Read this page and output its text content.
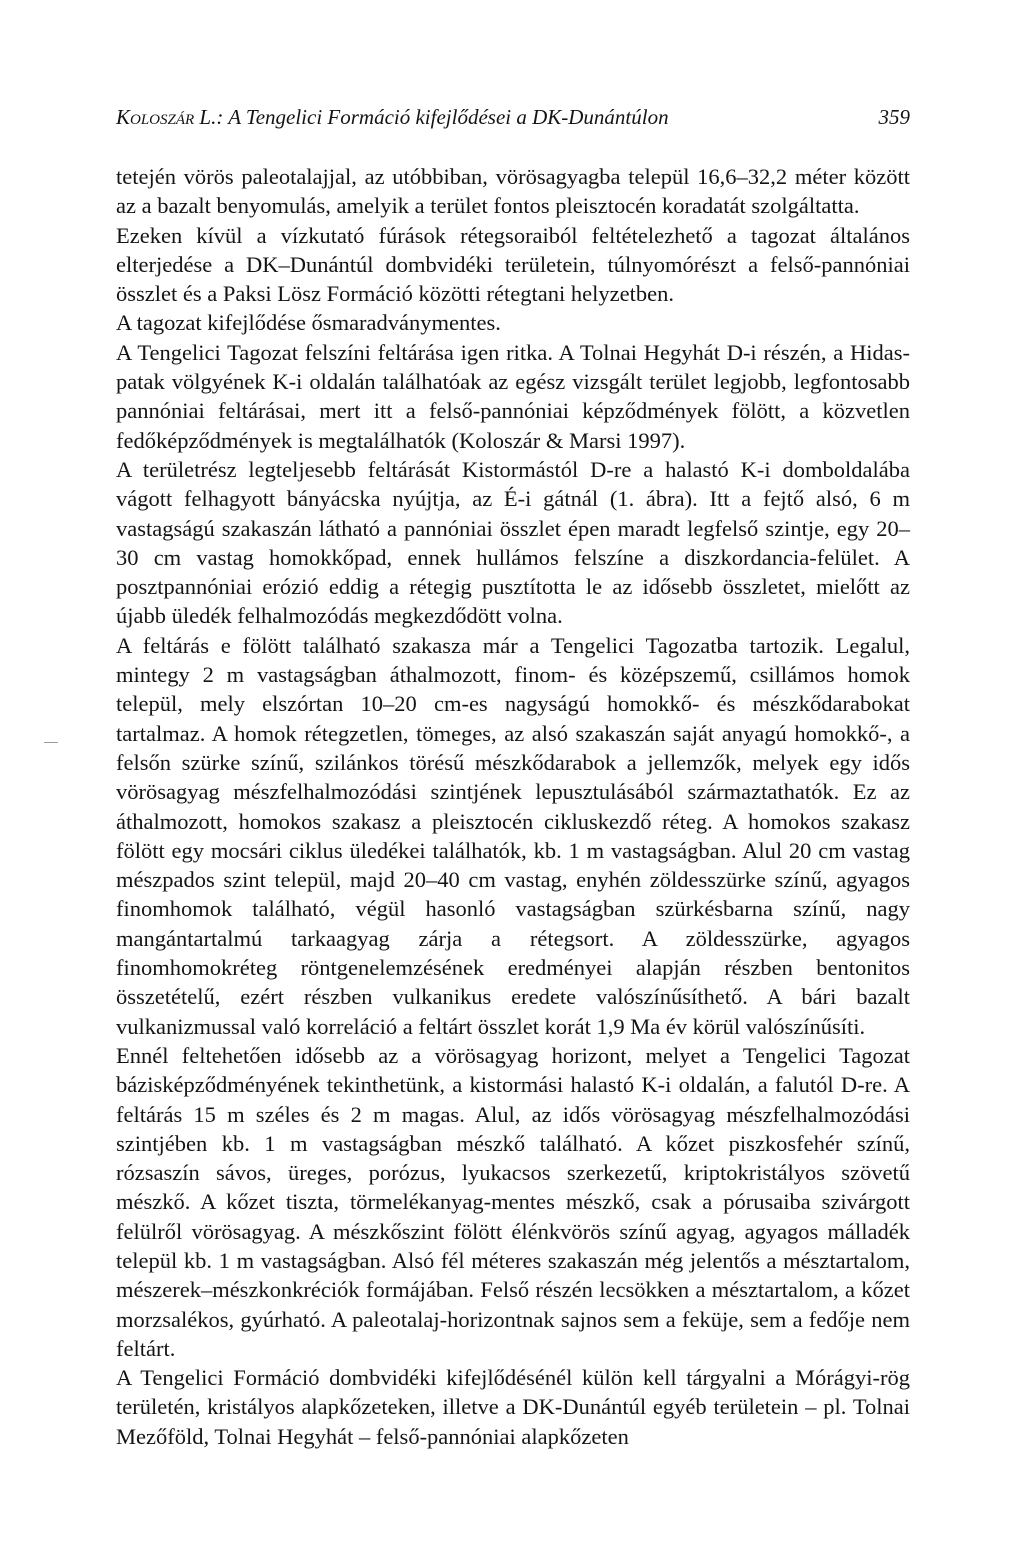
Koloszár L.: A Tengelici Formáció kifejlődései a DK-Dunántúlon	359

tetején vörös paleotalajjal, az utóbbiban, vörösagyagba települ 16,6–32,2 méter között az a bazalt benyomulás, amelyik a terület fontos pleisztocén koradatát szolgáltatta.

Ezeken kívül a vízkutató fúrások rétegsoraiból feltételezhető a tagozat általános elterjedése a DK–Dunántúl dombvidéki területein, túlnyomórészt a felső-pannóniai összlet és a Paksi Lösz Formáció közötti rétegtani helyzetben.

A tagozat kifejlődése ősmaradványmentes.

A Tengelici Tagozat felszíni feltárása igen ritka. A Tolnai Hegyhát D-i részén, a Hidas-patak völgyének K-i oldalán találhatóak az egész vizsgált terület legjobb, legfontosabb pannóniai feltárásai, mert itt a felső-pannóniai képződmények fölött, a közvetlen fedőképződmények is megtalálhatók (Koloszár & Marsi 1997).

A területrész legteljesebb feltárását Kistormástól D-re a halastó K-i domboldalába vágott felhagyott bányácska nyújtja, az É-i gátnál (1. ábra). Itt a fejtő alsó, 6 m vastagságú szakaszán látható a pannóniai összlet épen maradt legfelső szintje, egy 20–30 cm vastag homokkőpad, ennek hullámos felszíne a diszkordancia-felület. A posztpannóniai erózió eddig a rétegig pusztította le az idősebb összletet, mielőtt az újabb üledék felhalmozódás megkezdődött volna.

A feltárás e fölött található szakasza már a Tengelici Tagozatba tartozik. Legalul, mintegy 2 m vastagságban áthalmozott, finom- és középszemű, csillámos homok települ, mely elszórtan 10–20 cm-es nagyságú homokkő- és mészkődarabokat tartalmaz. A homok rétegzetlen, tömeges, az alsó szakaszán saját anyagú homokkő-, a felsőn szürke színű, szilánkos törésű mészkődarabok a jellemzők, melyek egy idős vörösagyag mészfelhalmozódási szintjének lepusztulásából származtathatók. Ez az áthalmozott, homokos szakasz a pleisztocén cikluskezdő réteg. A homokos szakasz fölött egy mocsári ciklus üledékei találhatók, kb. 1 m vastagságban. Alul 20 cm vastag mészpados szint települ, majd 20–40 cm vastag, enyhén zöldesszürke színű, agyagos finomhomok található, végül hasonló vastagságban szürkésbarna színű, nagy mangántartalmú tarkaagyag zárja a rétegsort. A zöldesszürke, agyagos finomhomokréteg röntgenelemzésének eredményei alapján részben bentonitos összetételű, ezért részben vulkanikus eredete valószínűsíthető. A bári bazalt vulkanizmussal való korreláció a feltárt összlet korát 1,9 Ma év körül valószínűsíti.

Ennél feltehetően idősebb az a vörösagyag horizont, melyet a Tengelici Tagozat bázisképződményének tekinthetünk, a kistormási halastó K-i oldalán, a falutól D-re. A feltárás 15 m széles és 2 m magas. Alul, az idős vörösagyag mészfelhalmozódási szintjében kb. 1 m vastagságban mészkő található. A kőzet piszkosfehér színű, rózsaszín sávos, üreges, porózus, lyukacsos szerkezetű, kriptokristályos szövetű mészkő. A kőzet tiszta, törmelékanyag-mentes mészkő, csak a pórusaiba szivárgott felülről vörösagyag. A mészkőszint fölött élénkvörös színű agyag, agyagos málladék települ kb. 1 m vastagságban. Alsó fél méteres szakaszán még jelentős a mésztartalom, mészerek–mészkonkréciók formájában. Felső részén lecsökken a mésztartalom, a kőzet morzsalékos, gyúrható. A paleotalaj-horizontnak sajnos sem a feküje, sem a fedője nem feltárt.

A Tengelici Formáció dombvidéki kifejlődésénél külön kell tárgyalni a Mórágyi-rög területén, kristályos alapkőzeteken, illetve a DK-Dunántúl egyéb területein – pl. Tolnai Mezőföld, Tolnai Hegyhát – felső-pannóniai alapkőzeten
